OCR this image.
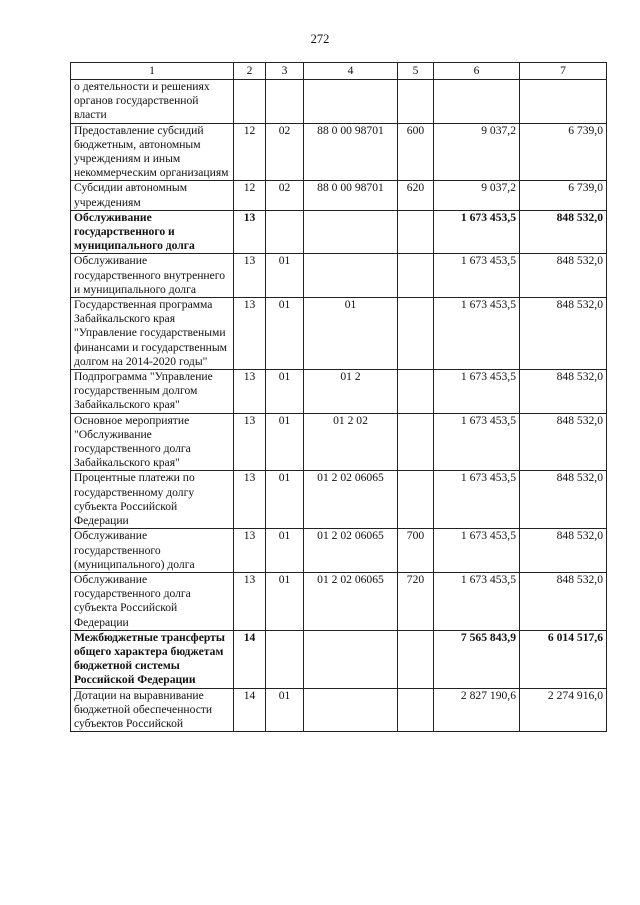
272
1	2	3	4	5	6	7
о деятельности и решениях органов государственной власти						
Предоставление субсидий бюджетным, автономным учреждениям и иным некоммерческим организациям	12	02	88 0 00 98701	600	9 037,2	6 739,0
Субсидии автономным учреждениям	12	02	88 0 00 98701	620	9 037,2	6 739,0
Обслуживание государственного и муниципального долга	13				1 673 453,5	848 532,0
Обслуживание государственного внутреннего и муниципального долга	13	01			1 673 453,5	848 532,0
Государственная программа Забайкальского края "Управление государствеными финансами и государственным долгом на 2014-2020 годы"	13	01	01		1 673 453,5	848 532,0
Подпрограмма "Управление государственным долгом Забайкальского края"	13	01	01 2		1 673 453,5	848 532,0
Основное мероприятие "Обслуживание государственного долга Забайкальского края"	13	01	01 2 02		1 673 453,5	848 532,0
Процентные платежи по государственному долгу субъекта Российской Федерации	13	01	01 2 02 06065		1 673 453,5	848 532,0
Обслуживание государственного (муниципального) долга	13	01	01 2 02 06065	700	1 673 453,5	848 532,0
Обслуживание государственного долга субъекта Российской Федерации	13	01	01 2 02 06065	720	1 673 453,5	848 532,0
Межбюджетные трансферты общего характера бюджетам бюджетной системы Российской Федерации	14				7 565 843,9	6 014 517,6
Дотации на выравнивание бюджетной обеспеченности субъектов Российской	14	01			2 827 190,6	2 274 916,0
